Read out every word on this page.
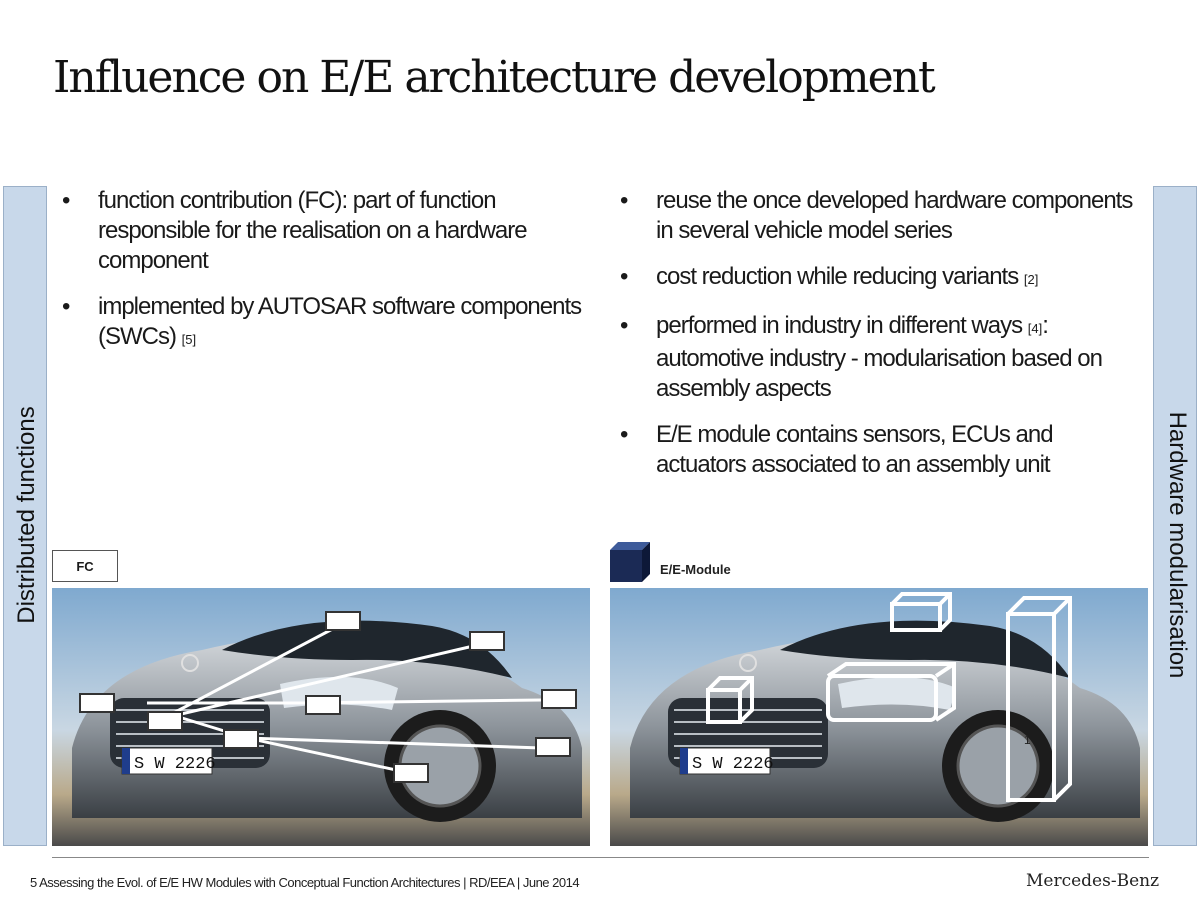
Influence on E/E architecture development
Distributed functions	Hardware modularisation
• function contribution (FC): part of function responsible for the realisation on a hardware component
• implemented by AUTOSAR software components (SWCs) [5]
• reuse the once developed hardware components in several vehicle model series
• cost reduction while reducing variants [2]
• performed in industry in different ways [4]: automotive industry - modularisation based on assembly aspects
• E/E module contains sensors, ECUs and actuators associated to an assembly unit
FC	E/E-Module
S W 2226	S W 2226
1
5 Assessing the Evol. of E/E HW Modules with Conceptual Function Architectures | RD/EEA | June 2014	Mercedes-Benz
